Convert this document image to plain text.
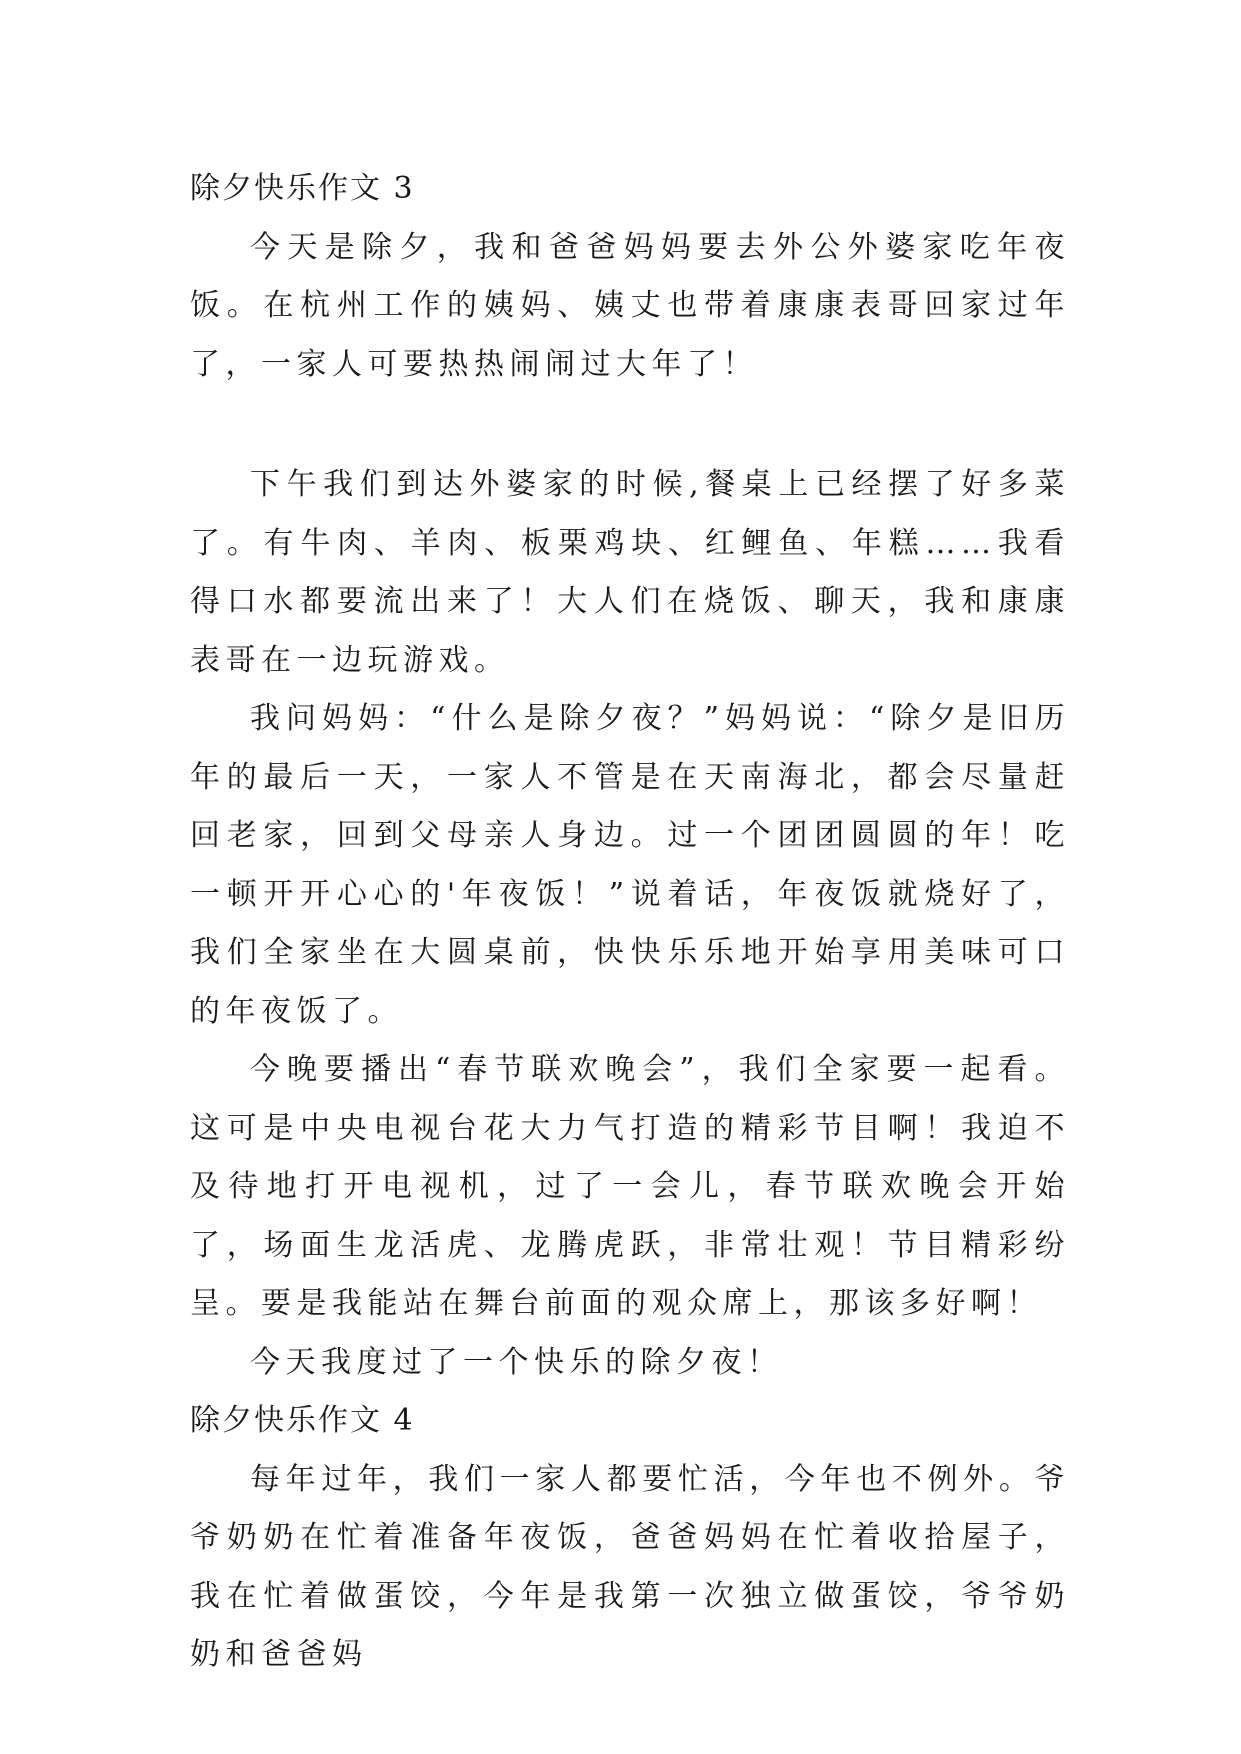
除夕快乐作文 3

今天是除夕，我和爸爸妈妈要去外公外婆家吃年夜饭。在杭州工作的姨妈、姨丈也带着康康表哥回家过年了，一家人可要热热闹闹过大年了！

下午我们到达外婆家的时候,餐桌上已经摆了好多菜了。有牛肉、羊肉、板栗鸡块、红鲤鱼、年糕……我看得口水都要流出来了！大人们在烧饭、聊天，我和康康表哥在一边玩游戏。

我问妈妈：“什么是除夕夜？”妈妈说：“除夕是旧历年的最后一天，一家人不管是在天南海北，都会尽量赶回老家，回到父母亲人身边。过一个团团圆圆的年！吃一顿开开心心的'年夜饭！”说着话，年夜饭就烧好了，我们全家坐在大圆桌前，快快乐乐地开始享用美味可口的年夜饭了。

今晚要播出“春节联欢晚会”，我们全家要一起看。这可是中央电视台花大力气打造的精彩节目啊！我迫不及待地打开电视机，过了一会儿，春节联欢晚会开始了，场面生龙活虎、龙腾虎跃，非常壮观！节目精彩纷呈。要是我能站在舞台前面的观众席上，那该多好啊！

今天我度过了一个快乐的除夕夜！

除夕快乐作文 4

每年过年，我们一家人都要忙活，今年也不例外。爷爷奶奶在忙着准备年夜饭，爸爸妈妈在忙着收拾屋子，我在忙着做蛋饺，今年是我第一次独立做蛋饺，爷爷奶奶和爸爸妈
